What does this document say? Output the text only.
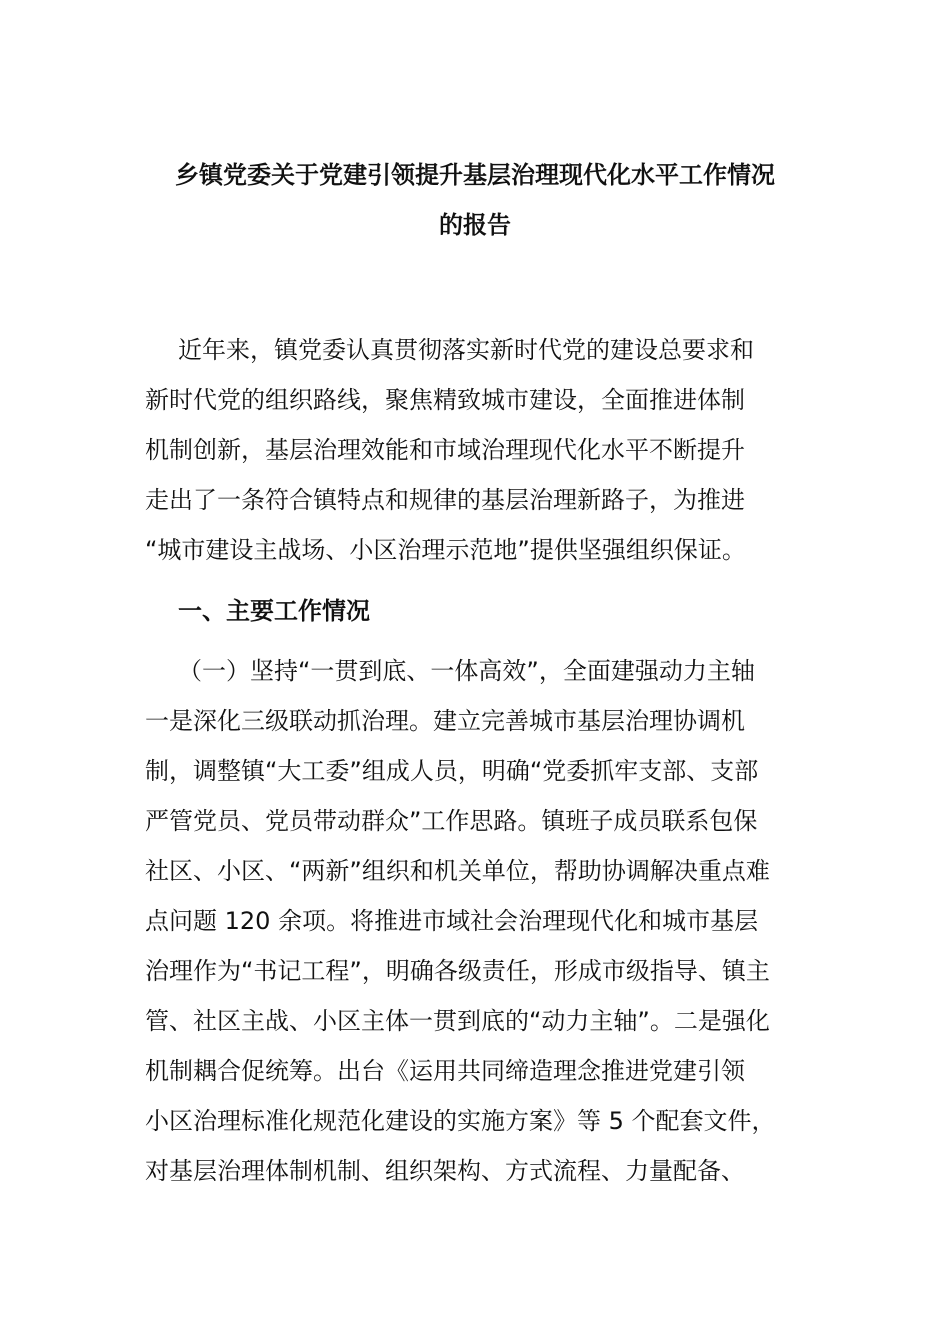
乡镇党委关于党建引领提升基层治理现代化水平工作情况
的报告
近年来，镇党委认真贯彻落实新时代党的建设总要求和
新时代党的组织路线，聚焦精致城市建设，全面推进体制
机制创新，基层治理效能和市域治理现代化水平不断提升
走出了一条符合镇特点和规律的基层治理新路子，为推进
“城市建设主战场、小区治理示范地”提供坚强组织保证。
一、主要工作情况
（一）坚持“一贯到底、一体高效”，全面建强动力主轴
一是深化三级联动抓治理。建立完善城市基层治理协调机
制，调整镇“大工委”组成人员，明确“党委抓牢支部、支部
严管党员、党员带动群众”工作思路。镇班子成员联系包保
社区、小区、“两新”组织和机关单位，帮助协调解决重点难
点问题 120 余项。将推进市域社会治理现代化和城市基层
治理作为“书记工程”，明确各级责任，形成市级指导、镇主
管、社区主战、小区主体一贯到底的“动力主轴”。二是强化
机制耦合促统筹。出台《运用共同缔造理念推进党建引领
小区治理标准化规范化建设的实施方案》等 5 个配套文件，
对基层治理体制机制、组织架构、方式流程、力量配备、
